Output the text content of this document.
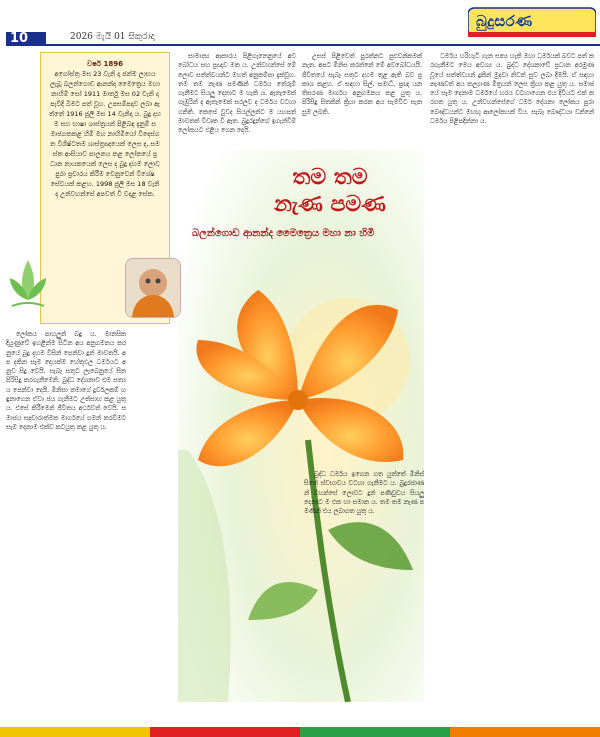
10	2026 මැයි 01 සිකුරාදා
බුදුසරණ
වර්ෂ 1896
අගෝස්තු මස 23 වැනි දා ජන්ම ලාභය ලැබූ බලන්ගොඩ ආනන්ද මෛත්‍රෙය මහා නාහිමි සෝ 1911 මාර්තු මස 02 වැනි දා පැවිදි බිමට පත් වූහ. උපසම්පදාව ලබා ඇත්තේ 1916 ජූලි මස 14 වැනිදා ය. බුදු දහම සහ භාෂා ශාස්ත්‍රයන් පිළිබඳ දැනුම් සමාජගතකළ හිමි මහ නාහිමියෝ විදෙස්ගත විශිෂ්ටතම ශාස්ත්‍රඥයෙක් ලෙස ද, සමස්ත ආසියාව පාලනය කළ ලෝකයේ ප්‍රධාන නායකයෙක් ලෙස ද බුදු දහම ලොව පුරා ප්‍රචාරය කිරීම වෙනුවෙන් විශේෂ සේවයක් කළහ. 1998 ජූලි මස 18 වැනි දා උන්වහන්සේ අපවත් වී වදාළ සේක.

ලෝකය පාහලුන් බඳු ය. මානසික දියුණුවේ ඉහළින්ම සිටින අය අනුගමනය කරනුයේ බුදු දහම විසින් පෙන්වා දුන් මාවතයි. අප දකින සෑම දෙයක්ම හේතුඵල ධර්මයට අනුව සිදු වෙයි. සැබෑ සතුට ලැබෙනුයේ සිත පිරිසිදු කරගැනීමෙනි. බුද්ධ දේශනාව එම සත්‍යය පෙන්වා දෙයි. මිනිසා තමාගේ දුර්වලකම් හඳුනාගෙන ඒවා ජය ගැනීමට උත්සාහ කළ යුතු ය. එසේ කිරීමෙන් ජීවිතය අර්ථවත් වෙයි. සමාජය සදාචාරාත්මක මාර්ගයේ ගමන් කරවීමට සැම දෙනාම එක්ව කටයුතු කළ යුතු ය.

සාමාන්‍ය ආකාරය පිළිගැනෙනුයේ අවබෝධය සහ ප්‍රඥාව මත ය. උන්වහන්සේ මේ ලොව සත්ත්වයන්ට මහත් අනුකම්පා දැක්වූහ. තම තම නැණ පමණින් ධර්මය තේරුම් ගැනීමට සියලු දෙනාට ම හැකි ය. ඇතැමෙක් ගැඹුරින් ද ඇතැමෙක් සරලව ද ධර්මය වටහා ගනිති. කෙසේ වුවද සියල්ලන්ට ම යහපත් මාවතක් විවෘත වී ඇත. බුදුරදුන්ගේ ඉගැන්වීම් ලෝකයට එළිය ගෙන දෙයි.

උසස් පිළිවෙත් පුරන්නට පුළුවන්කමක් නැත. අපට මිනිස කරන්නේ මේ අවබෝධයයි. ජීවිතයේ සැබෑ සතුට දහම තුළ ඇති බව ප්‍රකාශ කළහ. ඒ සඳහා සිල්, සමාධි, ප්‍රඥා යන තිසරණ මාර්ගය අනුගමනය කළ යුතු ය. පිරිසිදු සිතකින් ක්‍රියා කරන අය සැමවිට සැනසුම ලබති.

ධර්මය හරිහැටි ගැන සත්‍ය හැකි මහා ධර්මයක් බවට පත් කරගැනීමට මෙය අවශ්‍ය ය. බුද්ධ දේශනාවේ ප්‍රධාන අරමුණ වූයේ සත්ත්වයන් දුකින් මුදවා නිවන් සුව ලබා දීමයි. ඒ සඳහා නැණවත් අය කල්‍යාණ මිත්‍රයන් ලෙස ක්‍රියා කළ යුතු ය. සමාජයේ සෑම දෙනාම ධර්මයේ හරය වටහාගෙන එය දිවියට එක් කරගත යුතු ය. උන්වහන්සේගේ ධර්ම දේශනා ලෝකය පුරා බෞද්ධයන්ට මහඟු ආලෝකයක් විය. සැබෑ බෞද්ධයා වන්නේ ධර්මය පිළිපදින්නා ය.

තම තම
නැණ පමණ
බලන්ගොඩ ආනන්ද මෛත්‍රෙය මහා නා හිමි

බුද්ධ ධර්මය ඉගෙන ගත යුත්තේ මිනිස් සිතේ ස්වභාවය වටහා ගැනීමට ය. බුදුරජාණන් වහන්සේ ලොවට දුන් පණිවුඩය සියලු දෙනාට ම එක හා සමාන ය. තම තම නැණ පමණින් එය ලබාගත යුතු ය.
